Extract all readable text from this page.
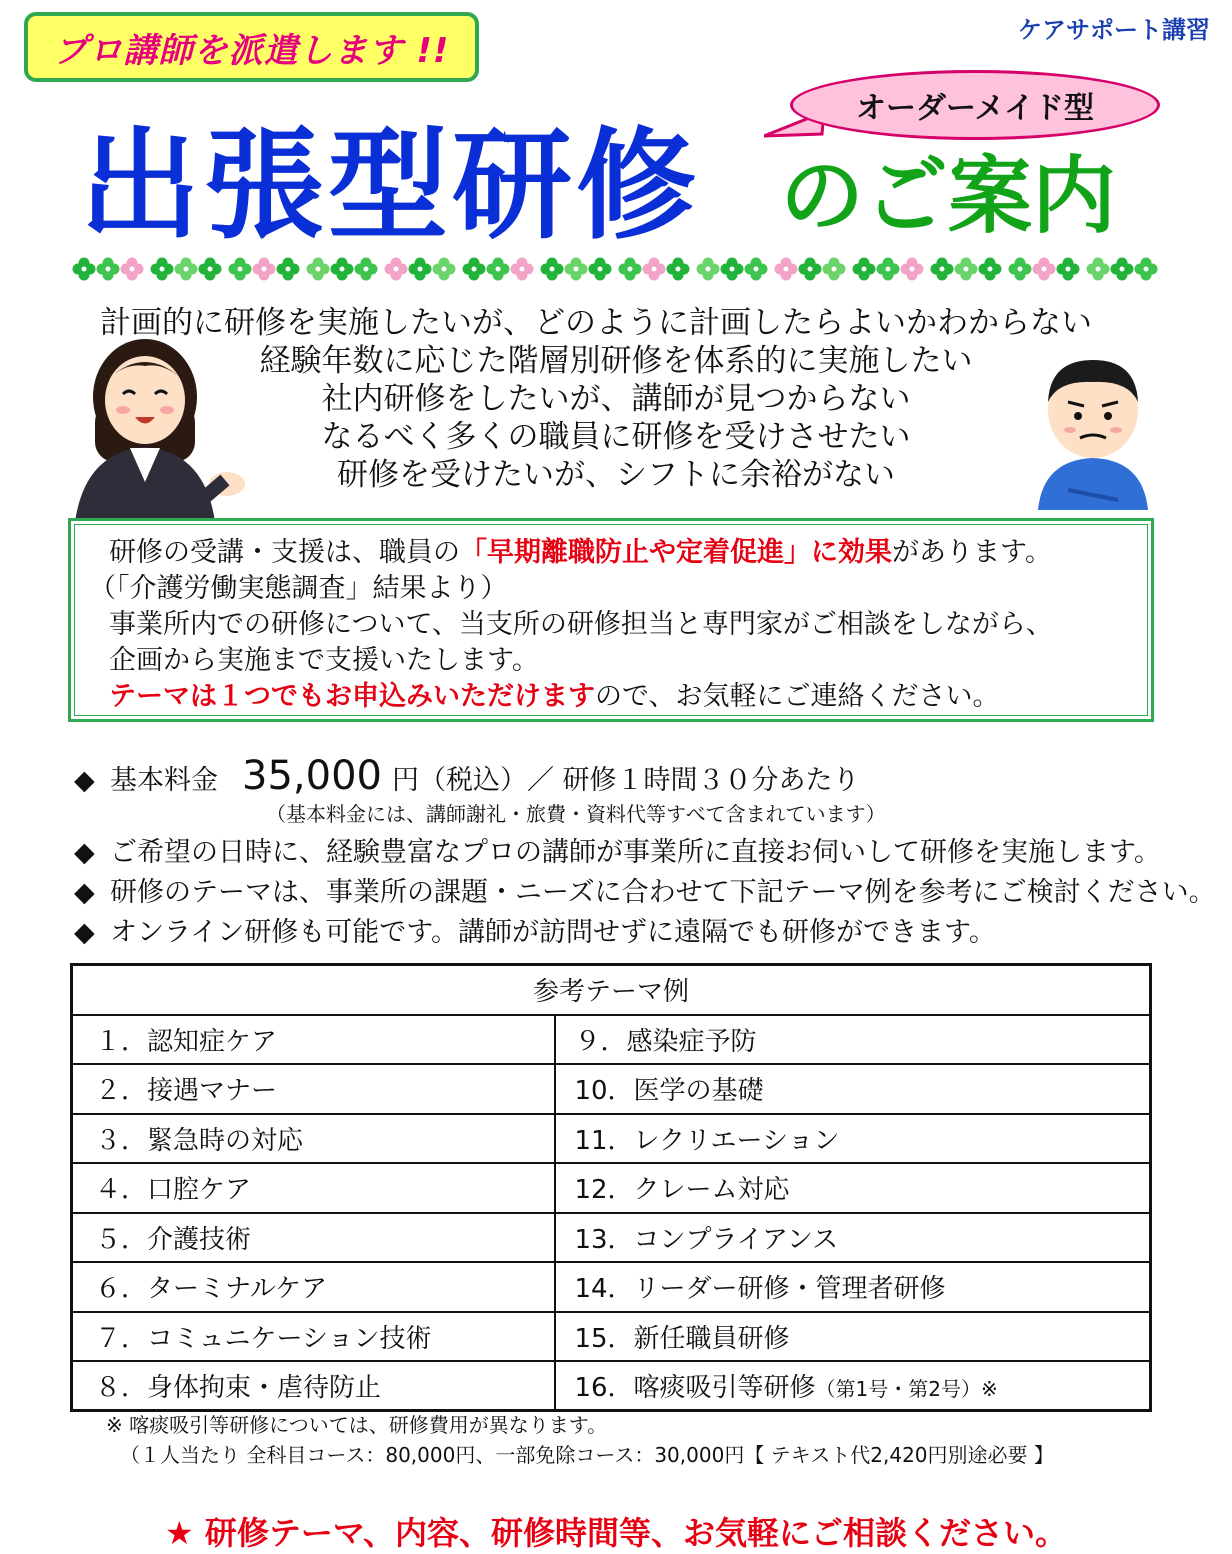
プロ講師を派遣します !!
ケアサポート講習
オーダーメイド型
出張型研修 のご案内
計画的に研修を実施したいが、どのように計画したらよいかわからない
経験年数に応じた階層別研修を体系的に実施したい
社内研修をしたいが、講師が見つからない
なるべく多くの職員に研修を受けさせたい
研修を受けたいが、シフトに余裕がない
研修の受講・支援は、職員の「早期離職防止や定着促進」に効果があります。
（「介護労働実態調査」結果より）
事業所内での研修について、当支所の研修担当と専門家がご相談をしながら、
企画から実施まで支援いたします。
テーマは１つでもお申込みいただけますので、お気軽にご連絡ください。
◆ 基本料金 35,000 円（税込）／ 研修１時間３０分あたり
（基本料金には、講師謝礼・旅費・資料代等すべて含まれています）
◆ ご希望の日時に、経験豊富なプロの講師が事業所に直接お伺いして研修を実施します。
◆ 研修のテーマは、事業所の課題・ニーズに合わせて下記テーマ例を参考にご検討ください。
◆ オンライン研修も可能です。講師が訪問せずに遠隔でも研修ができます。
参考テーマ例	
１．認知症ケア	９．感染症予防
２．接遇マナー	10．医学の基礎
３．緊急時の対応	11．レクリエーション
４．口腔ケア	12．クレーム対応
５．介護技術	13．コンプライアンス
６．ターミナルケア	14．リーダー研修・管理者研修
７．コミュニケーション技術	15．新任職員研修
８．身体拘束・虐待防止	16．喀痰吸引等研修（第1号・第2号）※
※ 喀痰吸引等研修については、研修費用が異なります。
（１人当たり 全科目コース：80,000円、一部免除コース：30,000円【 テキスト代2,420円別途必要 】
★ 研修テーマ、内容、研修時間等、お気軽にご相談ください。
